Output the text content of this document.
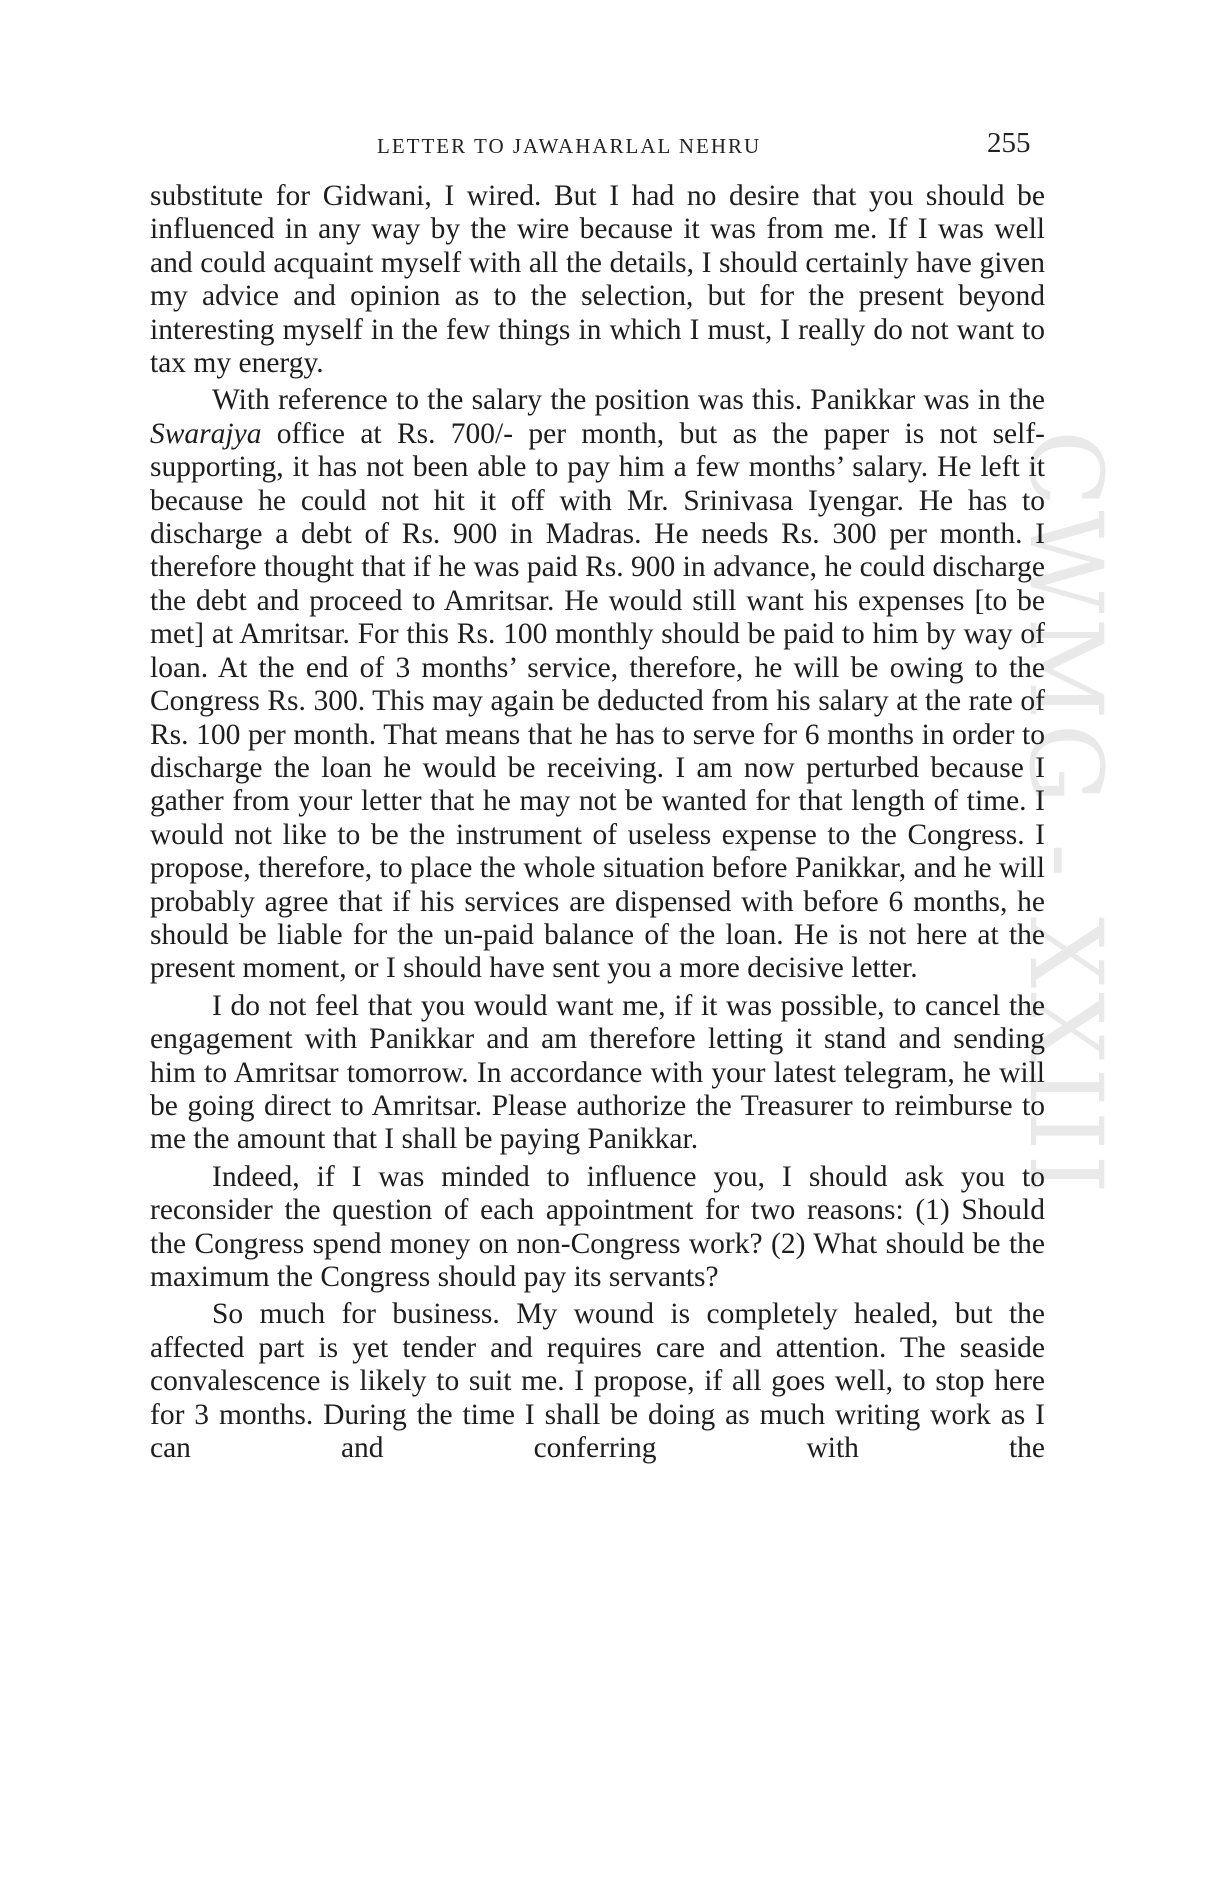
CWMG - XXIII
LETTER TO JAWAHARLAL NEHRU	255

substitute for Gidwani, I wired. But I had no desire that you should be influenced in any way by the wire because it was from me. If I was well and could acquaint myself with all the details, I should certainly have given my advice and opinion as to the selection, but for the present beyond interesting myself in the few things in which I must, I really do not want to tax my energy.

With reference to the salary the position was this. Panikkar was in the Swarajya office at Rs. 700/- per month, but as the paper is not self-supporting, it has not been able to pay him a few months’ salary. He left it because he could not hit it off with Mr. Srinivasa Iyengar. He has to discharge a debt of Rs. 900 in Madras. He needs Rs. 300 per month. I therefore thought that if he was paid Rs. 900 in advance, he could discharge the debt and proceed to Amritsar. He would still want his expenses [to be met] at Amritsar. For this Rs. 100 monthly should be paid to him by way of loan. At the end of 3 months’ service, therefore, he will be owing to the Congress Rs. 300. This may again be deducted from his salary at the rate of Rs. 100 per month. That means that he has to serve for 6 months in order to discharge the loan he would be receiving. I am now perturbed because I gather from your letter that he may not be wanted for that length of time. I would not like to be the instrument of useless expense to the Congress. I propose, therefore, to place the whole situation before Panikkar, and he will probably agree that if his services are dispensed with before 6 months, he should be liable for the un-paid balance of the loan. He is not here at the present moment, or I should have sent you a more decisive letter.

I do not feel that you would want me, if it was possible, to cancel the engagement with Panikkar and am therefore letting it stand and sending him to Amritsar tomorrow. In accordance with your latest telegram, he will be going direct to Amritsar. Please authorize the Treasurer to reimburse to me the amount that I shall be paying Panikkar.

Indeed, if I was minded to influence you, I should ask you to reconsider the question of each appointment for two reasons: (1) Should the Congress spend money on non-Congress work? (2) What should be the maximum the Congress should pay its servants?

So much for business. My wound is completely healed, but the affected part is yet tender and requires care and attention. The seaside convalescence is likely to suit me. I propose, if all goes well, to stop here for 3 months. During the time I shall be doing as much writing work as I can and conferring with the
